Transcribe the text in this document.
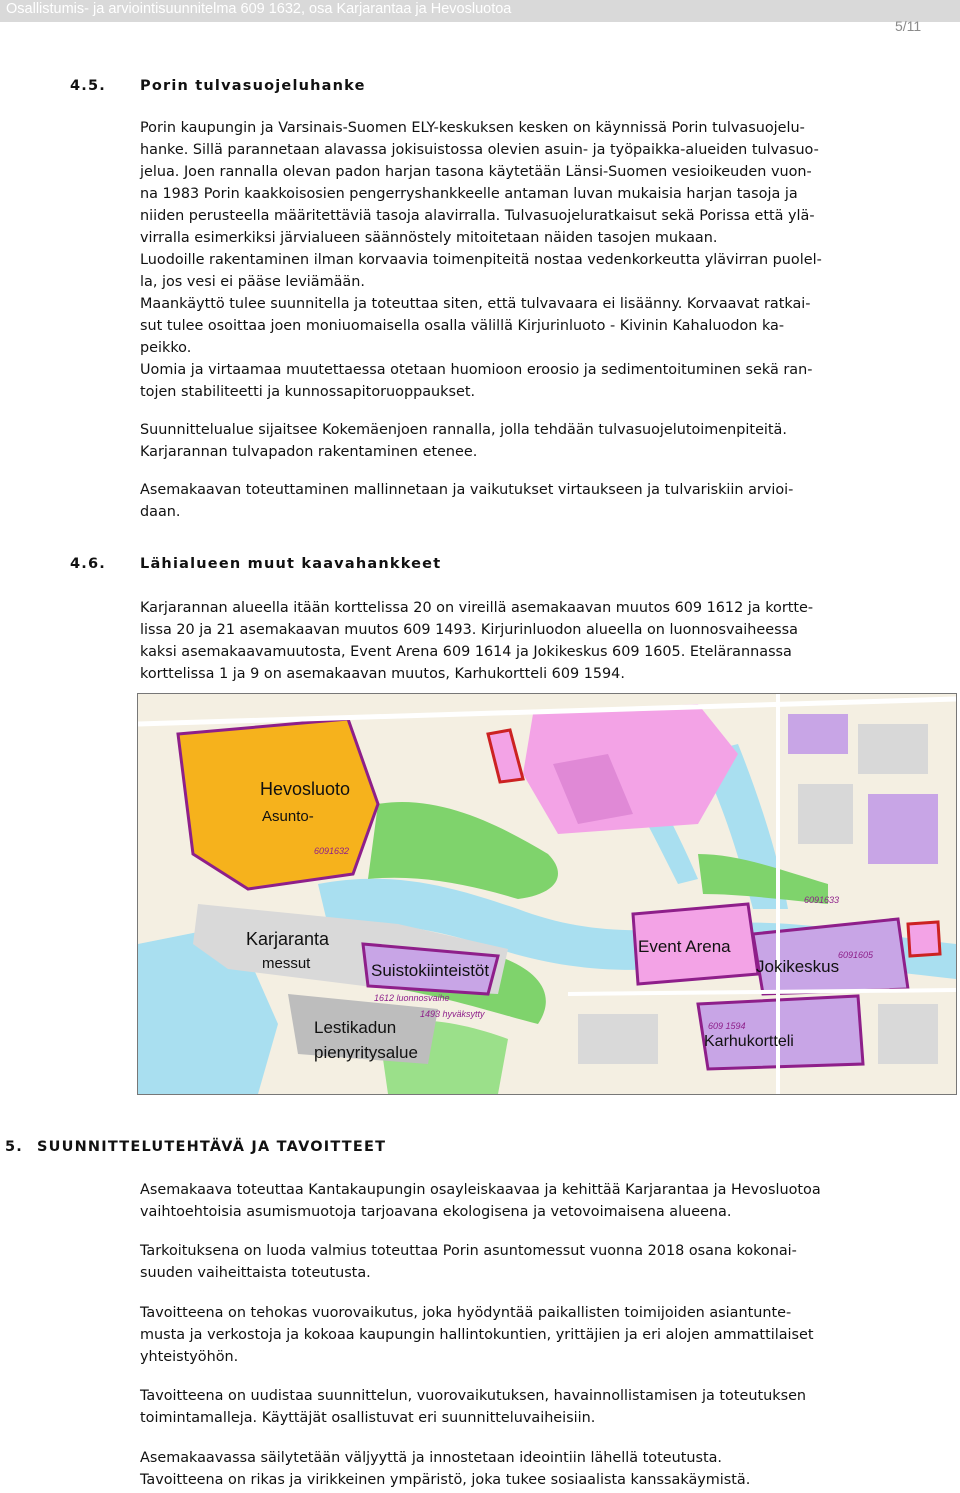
Osallistumis- ja arviointisuunnitelma 609 1632, osa Karjarantaa ja Hevosluotoa
5/11
4.5. Porin tulvasuojeluhanke
Porin kaupungin ja Varsinais-Suomen ELY-keskuksen kesken on käynnissä Porin tulvasuojelu-
hanke. Sillä parannetaan alavassa jokisuistossa olevien asuin- ja työpaikka-alueiden tulvasuo-
jelua. Joen rannalla olevan padon harjan tasona käytetään Länsi-Suomen vesioikeuden vuon-
na 1983 Porin kaakkoisosien pengerryshankkeelle antaman luvan mukaisia harjan tasoja ja
niiden perusteella määritettäviä tasoja alavirralla. Tulvasuojeluratkaisut sekä Porissa että ylä-
virralla esimerkiksi järvialueen säännöstely mitoitetaan näiden tasojen mukaan.
Luodoille rakentaminen ilman korvaavia toimenpiteitä nostaa vedenkorkeutta ylävirran puolel-
la, jos vesi ei pääse leviämään.
Maankäyttö tulee suunnitella ja toteuttaa siten, että tulvavaara ei lisäänny. Korvaavat ratkai-
sut tulee osoittaa joen moniuomaisella osalla välillä Kirjurinluoto - Kivinin Kahaluodon ka-
peikko.
Uomia ja virtaamaa muutettaessa otetaan huomioon eroosio ja sedimentoituminen sekä ran-
tojen stabiliteetti ja kunnossapitoruoppaukset.
Suunnittelualue sijaitsee Kokemäenjoen rannalla, jolla tehdään tulvasuojelutoimenpiteitä.
Karjarannan tulvapadon rakentaminen etenee.
Asemakaavan toteuttaminen mallinnetaan ja vaikutukset virtaukseen ja tulvariskiin arvioi-
daan.
4.6. Lähialueen muut kaavahankkeet
Karjarannan alueella itään korttelissa 20 on vireillä asemakaavan muutos 609 1612 ja kortte-
lissa 20 ja 21 asemakaavan muutos 609 1493. Kirjurinluodon alueella on luonnosvaiheessa
kaksi asemakaavamuutosta, Event Arena 609 1614 ja Jokikeskus 609 1605. Etelärannassa
korttelissa 1 ja 9 on asemakaavan muutos, Karhukortteli 609 1594.
Hevosluoto
Asunto-
6091632
Karjaranta
messut	Suistokiinteistöt
1612 luonnosvaihe
1493 hyväksytty
Lestikadun
pienyritysalue
Event Arena
6091633
Jokikeskus
6091605
609 1594
Karhukortteli
5. SUUNNITTELUTEHTÄVÄ JA TAVOITTEET
Asemakaava toteuttaa Kantakaupungin osayleiskaavaa ja kehittää Karjarantaa ja Hevosluotoa
vaihtoehtoisia asumismuotoja tarjoavana ekologisena ja vetovoimaisena alueena.
Tarkoituksena on luoda valmius toteuttaa Porin asuntomessut vuonna 2018 osana kokonai-
suuden vaiheittaista toteutusta.
Tavoitteena on tehokas vuorovaikutus, joka hyödyntää paikallisten toimijoiden asiantunte-
musta ja verkostoja ja kokoaa kaupungin hallintokuntien, yrittäjien ja eri alojen ammattilaiset
yhteistyöhön.
Tavoitteena on uudistaa suunnittelun, vuorovaikutuksen, havainnollistamisen ja toteutuksen
toimintamalleja. Käyttäjät osallistuvat eri suunnitteluvaiheisiin.
Asemakaavassa säilytetään väljyyttä ja innostetaan ideointiin lähellä toteutusta.
Tavoitteena on rikas ja virikkeinen ympäristö, joka tukee sosiaalista kanssakäymistä.
